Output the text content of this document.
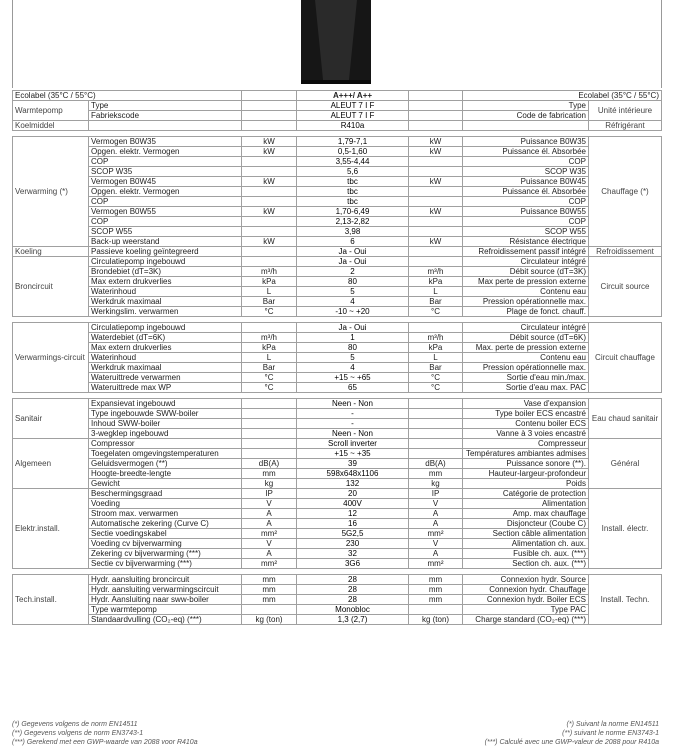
Ecolabel (35°C / 55°C)			A+++/ A++		Ecolabel (35°C / 55°C)	
Warmtepomp	Type		ALEUT 7 I F		Type	Unité intérieure
	Fabriekscode		ALEUT 7 I F		Code de fabrication	
Koelmiddel			R410a			Réfrigérant

Verwarming (*)	Vermogen B0W35	kW	1,79-7,1	kW	Puissance B0W35	Chauffage (*)
	Opgen. elektr. Vermogen	kW	0,5-1,60	kW	Puissance él. Absorbée	
	COP		3,55-4,44		COP	
	SCOP W35		5,6		SCOP W35	
	Vermogen B0W45	kW	tbc	kW	Puissance B0W45	
	Opgen. elektr. Vermogen		tbc		Puissance él. Absorbée	
	COP		tbc		COP	
	Vermogen B0W55	kW	1,70-6,49	kW	Puissance B0W55	
	COP		2,13-2,82		COP	
	SCOP W55		3,98		SCOP W55	
	Back-up weerstand	kW	6	kW	Résistance électrique	
Koeling	Passieve koeling geïntegreerd		Ja - Oui		Refroidissement passif intégré	Refroidissement
Broncircuit	Circulatiepomp ingebouwd		Ja - Oui		Circulateur intégré	Circuit source
	Brondebiet (dT=3K)	m³/h	2	m³/h	Débit source (dT=3K)	
	Max extern drukverlies	kPa	80	kPa	Max perte de pression externe	
	Waterinhoud	L	5	L	Contenu eau	
	Werkdruk maximaal	Bar	4	Bar	Pression opérationnelle max.	
	Werkingslim. verwarmen	°C	-10 ~ +20	°C	Plage de fonct. chauff.	

Verwarmings-circuit	Circulatiepomp ingebouwd		Ja - Oui		Circulateur intégré	Circuit chauffage
	Waterdebiet (dT=6K)	m³/h	1	m³/h	Débit source (dT=6K)	
	Max extern drukverlies	kPa	80	kPa	Max. perte de pression externe	
	Waterinhoud	L	5	L	Contenu eau	
	Werkdruk maximaal	Bar	4	Bar	Pression opérationnelle max.	
	Wateruittrede verwarmen	°C	+15 ~ +65	°C	Sortie d'eau min./max.	
	Wateruittrede max WP	°C	65	°C	Sortie d'eau max. PAC	

Sanitair	Expansievat ingebouwd		Neen - Non		Vase d'expansion	Eau chaud sanitair
	Type ingebouwde SWW-boiler		-		Type boiler ECS encastré	
	Inhoud SWW-boiler		-		Contenu boiler ECS	
	3-wegklep ingebouwd		Neen - Non		Vanne à 3 voies encastré	
Algemeen	Compressor		Scroll inverter		Compresseur	Général
	Toegelaten omgevingstemperaturen		+15 ~ +35		Températures ambiantes admises	
	Geluidsvermogen (**)	dB(A)	39	dB(A)	Puissance sonore (**).	
	Hoogte-breedte-lengte	mm	598x648x1106	mm	Hauteur-largeur-profondeur	
	Gewicht	kg	132	kg	Poids	
Elektr.install.	Beschermingsgraad	IP	20	IP	Catégorie de protection	Install. électr.
	Voeding	V	400V	V	Alimentation	
	Stroom max. verwarmen	A	12	A	Amp. max chauffage	
	Automatische zekering (Curve C)	A	16	A	Disjoncteur (Coube C)	
	Sectie voedingskabel	mm²	5G2,5	mm²	Section câble alimentation	
	Voeding cv bijverwarming	V	230	V	Alimentation ch. aux.	
	Zekering cv bijverwarming (***)	A	32	A	Fusible ch. aux. (***)	
	Sectie cv bijverwarming (***)	mm²	3G6	mm²	Section ch. aux. (***)	

Tech.install.	Hydr. aansluiting broncircuit	mm	28	mm	Connexion hydr. Source	Install. Techn.
	Hydr. aansluiting verwarmingscircuit	mm	28	mm	Connexion hydr. Chauffage	
	Hydr. Aansluiting naar sww-boiler	mm	28	mm	Connexion hydr. Boiler ECS	
	Type warmtepomp		Monobloc		Type PAC	
	Standaardvulling (CO₂-eq) (***)	kg (ton)	1,3 (2,7)	kg (ton)	Charge standard (CO₂-eq) (***)	
(*) Gegevens volgens de norm EN14511
(**) Gegevens volgens de norm EN3743-1
(***) Gerekend met een GWP-waarde van 2088 voor R410a
(*) Suivant la norme EN14511
(**) suivant le norme EN3743-1
(***) Calculé avec une GWP-valeur de 2088 pour R410a
